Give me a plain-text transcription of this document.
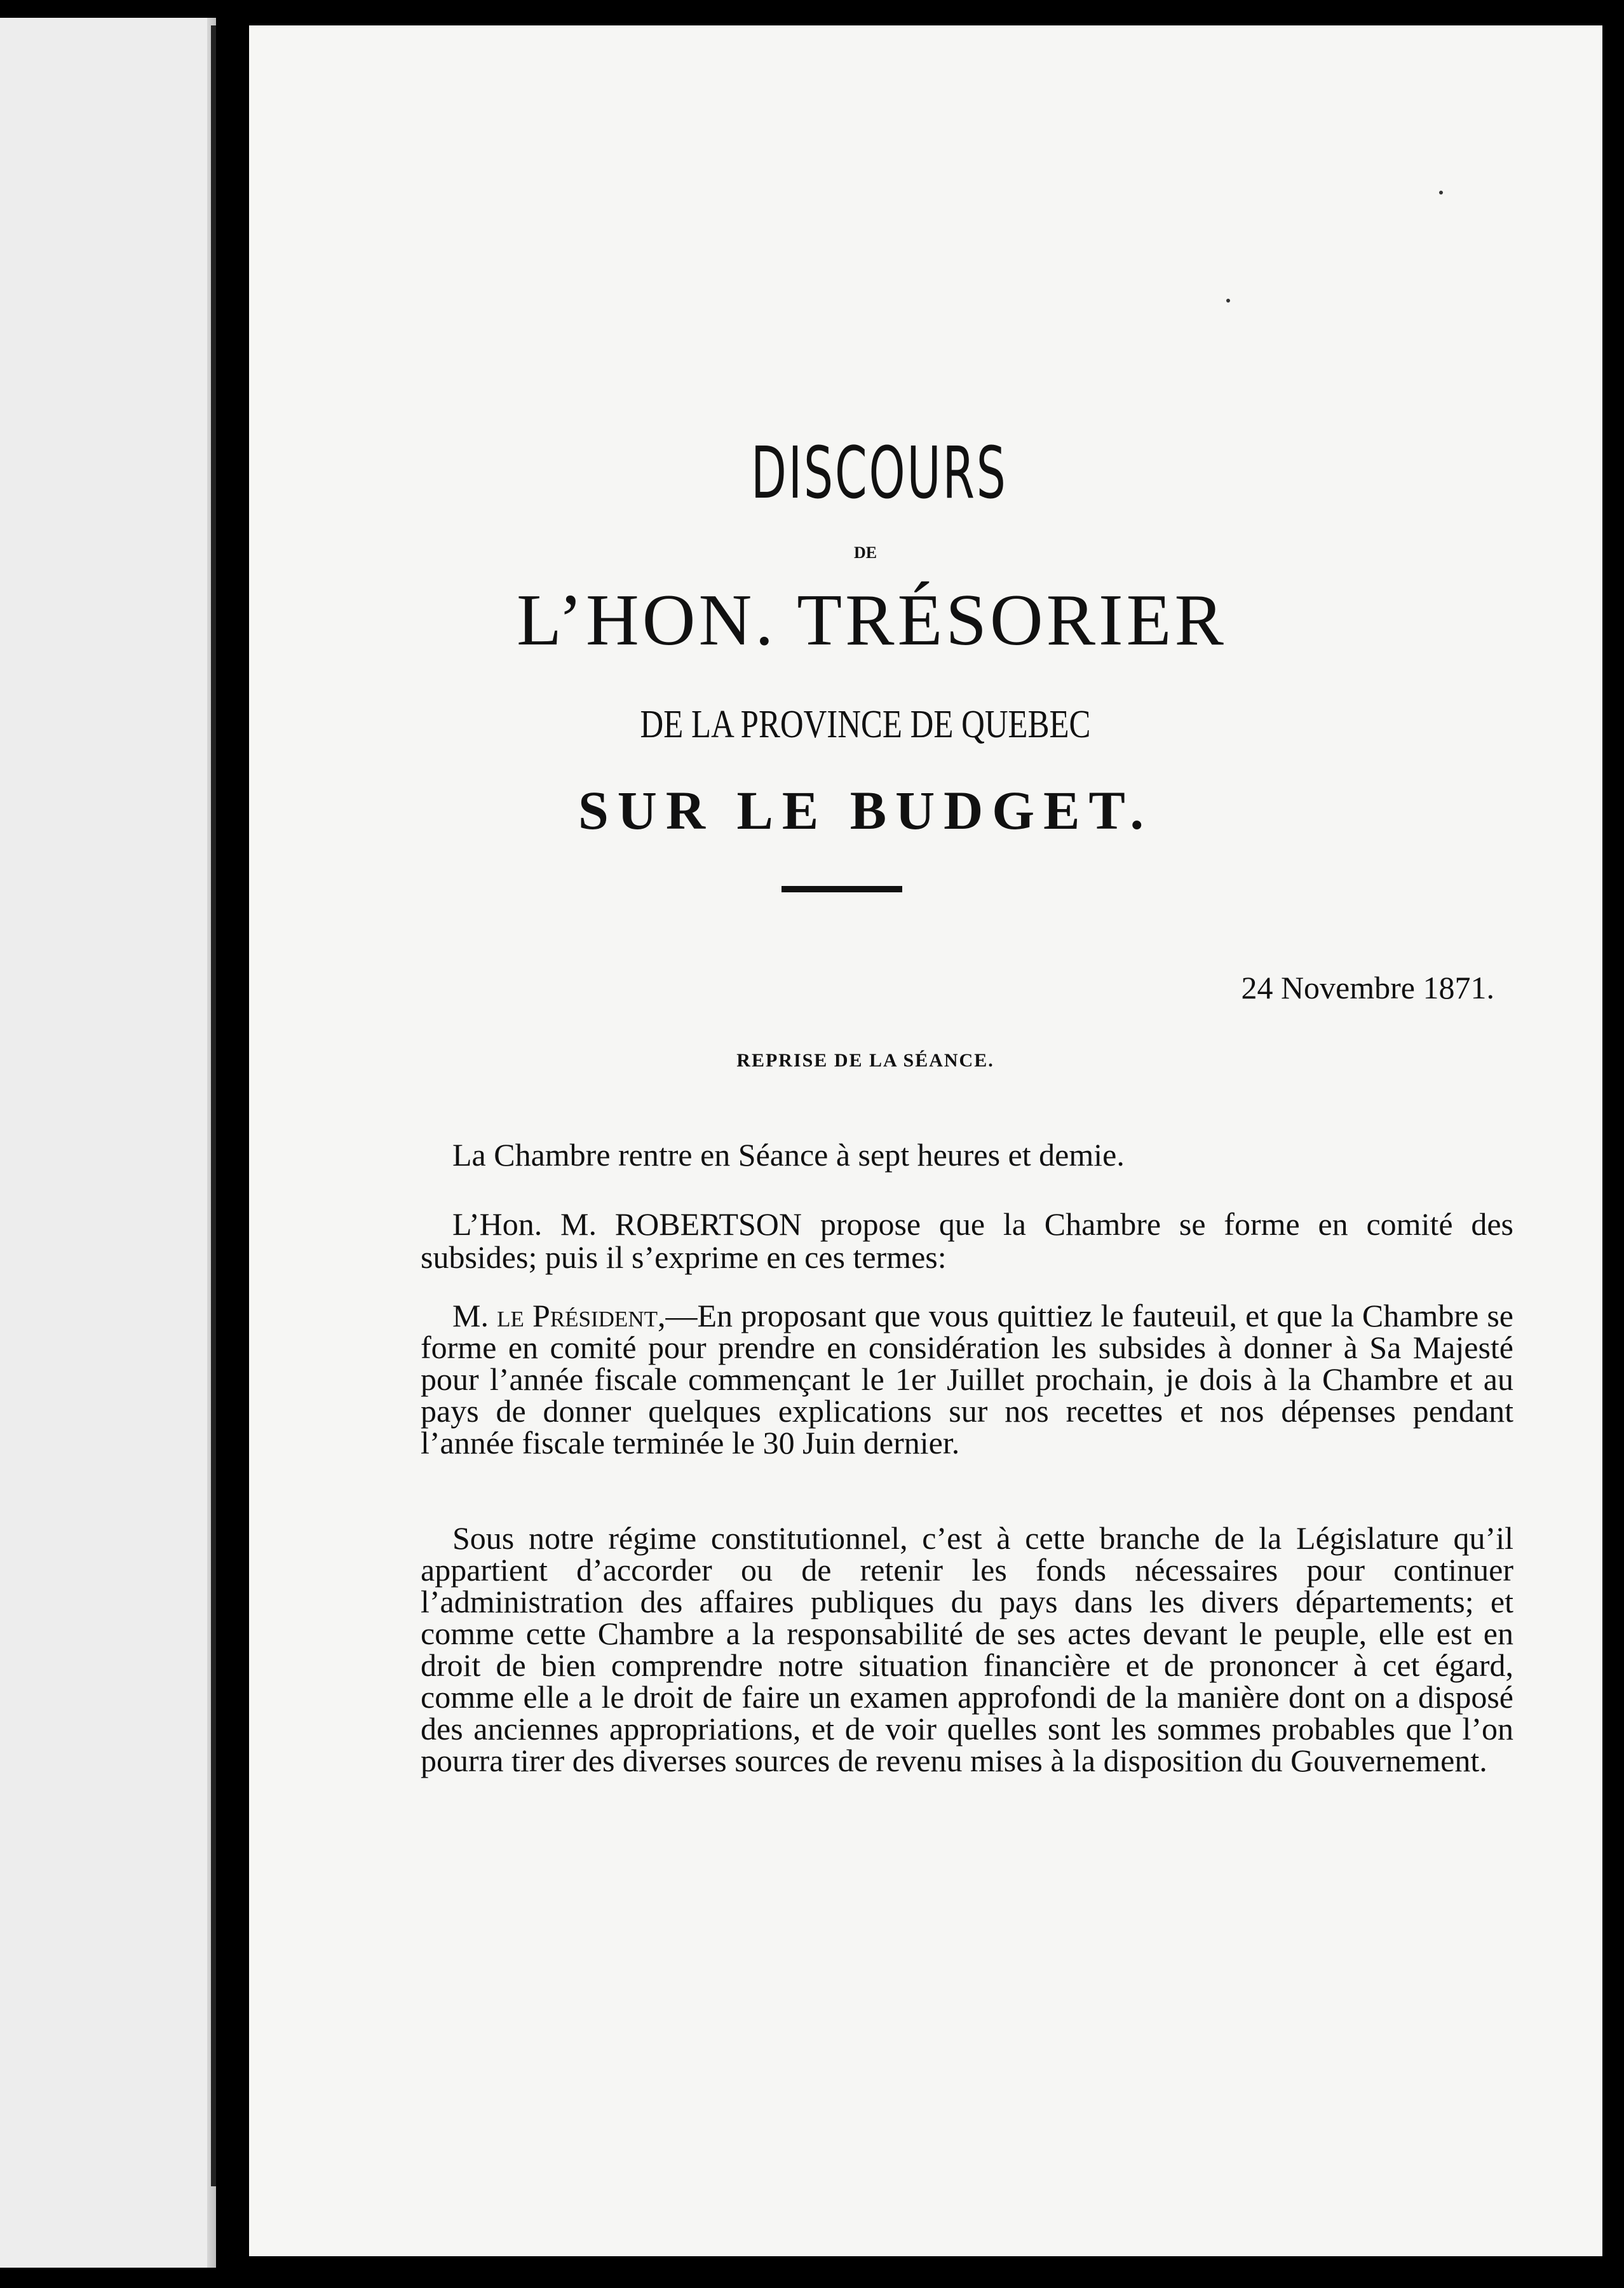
DISCOURS
DE
L’HON. TRÉSORIER
DE LA PROVINCE DE QUEBEC
SUR LE BUDGET.
24 Novembre 1871.
REPRISE DE LA SÉANCE.

La Chambre rentre en Séance à sept heures et demie.

L’Hon. M. ROBERTSON propose que la Chambre se forme en comité des subsides; puis il s’exprime en ces termes:

M. le Président,—En proposant que vous quittiez le fauteuil, et que la Chambre se forme en comité pour prendre en considération les subsides à donner à Sa Majesté pour l’année fiscale commençant le 1er Juillet prochain, je dois à la Chambre et au pays de donner quelques explications sur nos recettes et nos dépenses pendant l’année fiscale terminée le 30 Juin dernier.

Sous notre régime constitutionnel, c’est à cette branche de la Législature qu’il appartient d’accorder ou de retenir les fonds nécessaires pour continuer l’administration des affaires publiques du pays dans les divers départements; et comme cette Chambre a la responsabilité de ses actes devant le peuple, elle est en droit de bien comprendre notre situation financière et de prononcer à cet égard, comme elle a le droit de faire un examen approfondi de la manière dont on a disposé des anciennes appropriations, et de voir quelles sont les sommes probables que l’on pourra tirer des diverses sources de revenu mises à la disposition du Gouvernement.
